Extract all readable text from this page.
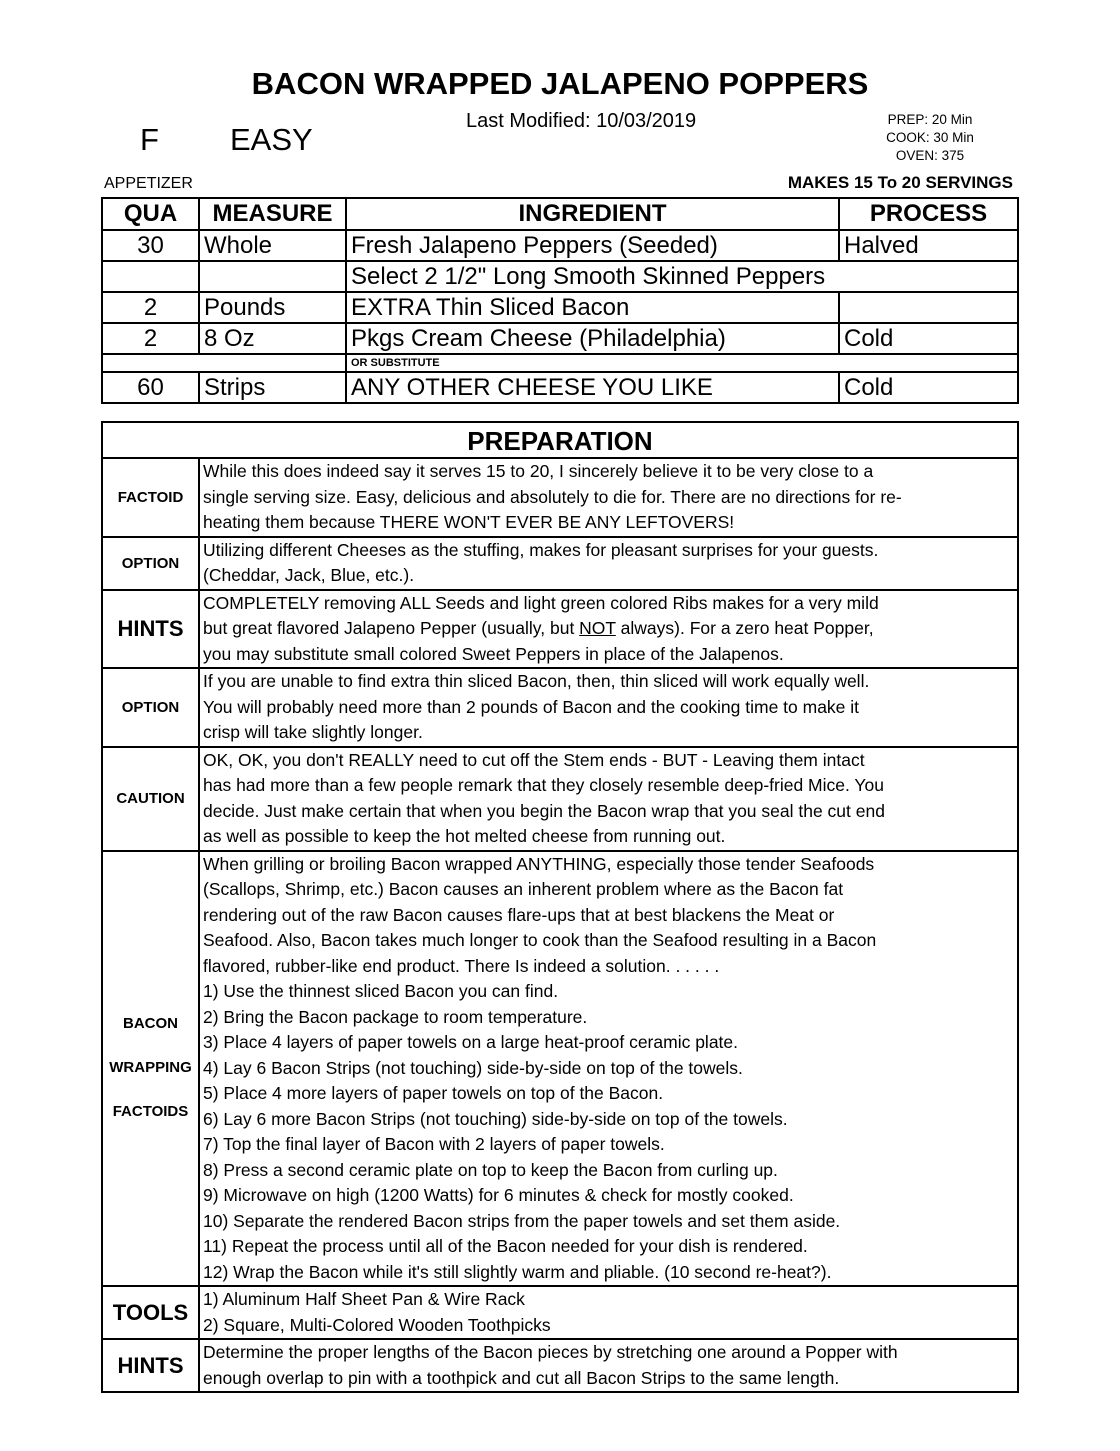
BACON WRAPPED JALAPENO POPPERS
Last Modified: 10/03/2019
F EASY
PREP: 20 Min
COOK: 30 Min
OVEN: 375
APPETIZER	MAKES 15 To 20 SERVINGS
QUA	MEASURE	INGREDIENT	PROCESS
30	Whole	Fresh Jalapeno Peppers (Seeded)	Halved
Select 2 1/2" Long Smooth Skinned Peppers
2	Pounds	EXTRA Thin Sliced Bacon
2	8 Oz	Pkgs Cream Cheese (Philadelphia)	Cold
OR SUBSTITUTE
60	Strips	ANY OTHER CHEESE YOU LIKE	Cold
PREPARATION
FACTOID
While this does indeed say it serves 15 to 20, I sincerely believe it to be very close to a
single serving size. Easy, delicious and absolutely to die for. There are no directions for re-
heating them because THERE WON'T EVER BE ANY LEFTOVERS!
OPTION
Utilizing different Cheeses as the stuffing, makes for pleasant surprises for your guests.
(Cheddar, Jack, Blue, etc.).
HINTS
COMPLETELY removing ALL Seeds and light green colored Ribs makes for a very mild
but great flavored Jalapeno Pepper (usually, but NOT always). For a zero heat Popper,
you may substitute small colored Sweet Peppers in place of the Jalapenos.
OPTION
If you are unable to find extra thin sliced Bacon, then, thin sliced will work equally well.
You will probably need more than 2 pounds of Bacon and the cooking time to make it
crisp will take slightly longer.
CAUTION
OK, OK, you don't REALLY need to cut off the Stem ends - BUT - Leaving them intact
has had more than a few people remark that they closely resemble deep-fried Mice. You
decide. Just make certain that when you begin the Bacon wrap that you seal the cut end
as well as possible to keep the hot melted cheese from running out.
BACON
WRAPPING
FACTOIDS
When grilling or broiling Bacon wrapped ANYTHING, especially those tender Seafoods
(Scallops, Shrimp, etc.) Bacon causes an inherent problem where as the Bacon fat
rendering out of the raw Bacon causes flare-ups that at best blackens the Meat or
Seafood. Also, Bacon takes much longer to cook than the Seafood resulting in a Bacon
flavored, rubber-like end product. There Is indeed a solution. . . . . .
1) Use the thinnest sliced Bacon you can find.
2) Bring the Bacon package to room temperature.
3) Place 4 layers of paper towels on a large heat-proof ceramic plate.
4) Lay 6 Bacon Strips (not touching) side-by-side on top of the towels.
5) Place 4 more layers of paper towels on top of the Bacon.
6) Lay 6 more Bacon Strips (not touching) side-by-side on top of the towels.
7) Top the final layer of Bacon with 2 layers of paper towels.
8) Press a second ceramic plate on top to keep the Bacon from curling up.
9) Microwave on high (1200 Watts) for 6 minutes & check for mostly cooked.
10) Separate the rendered Bacon strips from the paper towels and set them aside.
11) Repeat the process until all of the Bacon needed for your dish is rendered.
12) Wrap the Bacon while it's still slightly warm and pliable. (10 second re-heat?).
TOOLS
1) Aluminum Half Sheet Pan & Wire Rack
2) Square, Multi-Colored Wooden Toothpicks
HINTS
Determine the proper lengths of the Bacon pieces by stretching one around a Popper with
enough overlap to pin with a toothpick and cut all Bacon Strips to the same length.
